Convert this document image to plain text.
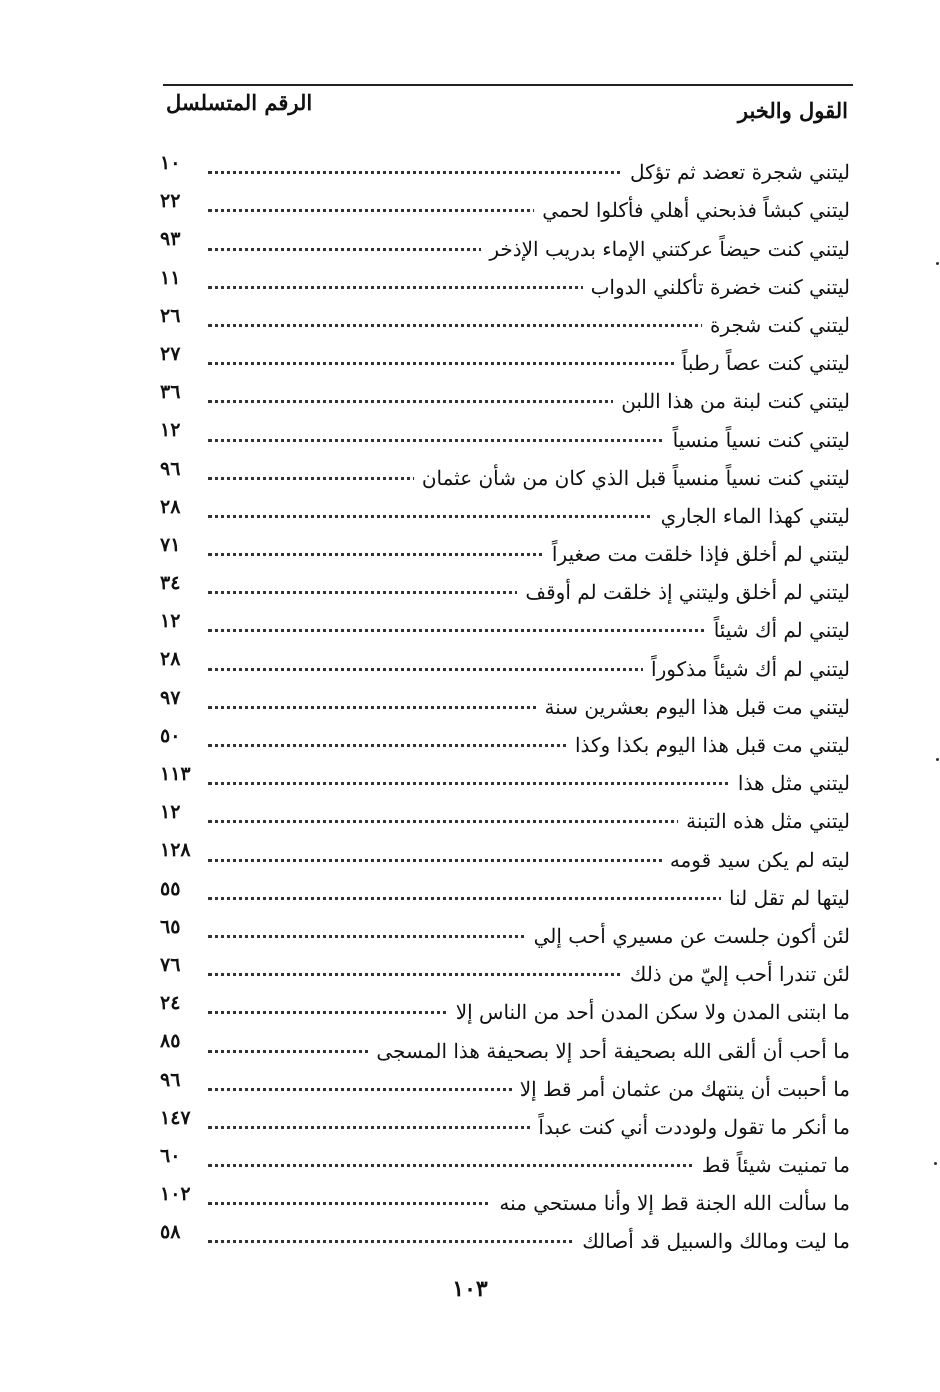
القول والخبر
الرقم المتسلسل
ليتني شجرة تعضد ثم تؤكل
١٠
ليتني كبشاً فذبحني أهلي فأكلوا لحمي
٢٢
ليتني كنت حيضاً عركتني الإماء بدريب الإذخر
٩٣
ليتني كنت خضرة تأكلني الدواب
١١
ليتني كنت شجرة
٢٦
ليتني كنت عصاً رطباً
٢٧
ليتني كنت لبنة من هذا اللبن
٣٦
ليتني كنت نسياً منسياً
١٢
ليتني كنت نسياً منسياً قبل الذي كان من شأن عثمان
٩٦
ليتني كهذا الماء الجاري
٢٨
ليتني لم أخلق فإذا خلقت مت صغيراً
٧١
ليتني لم أخلق وليتني إذ خلقت لم أوقف
٣٤
ليتني لم أك شيئاً
١٢
ليتني لم أك شيئاً مذكوراً
٢٨
ليتني مت قبل هذا اليوم بعشرين سنة
٩٧
ليتني مت قبل هذا اليوم بكذا وكذا
٥٠
ليتني مثل هذا
١١٣
ليتني مثل هذه التبنة
١٢
ليته لم يكن سيد قومه
١٢٨
ليتها لم تقل لنا
٥٥
لئن أكون جلست عن مسيري أحب إلي
٦٥
لئن تندرا أحب إليّ من ذلك
٧٦
ما ابتنى المدن ولا سكن المدن أحد من الناس إلا
٢٤
ما أحب أن ألقى الله بصحيفة أحد إلا بصحيفة هذا المسجى
٨٥
ما أحببت أن ينتهك من عثمان أمر قط إلا
٩٦
ما أنكر ما تقول ولوددت أني كنت عبداً
١٤٧
ما تمنيت شيئاً قط
٦٠
ما سألت الله الجنة قط إلا وأنا مستحي منه
١٠٢
ما ليت ومالك والسبيل قد أصالك
٥٨
١٠٣
